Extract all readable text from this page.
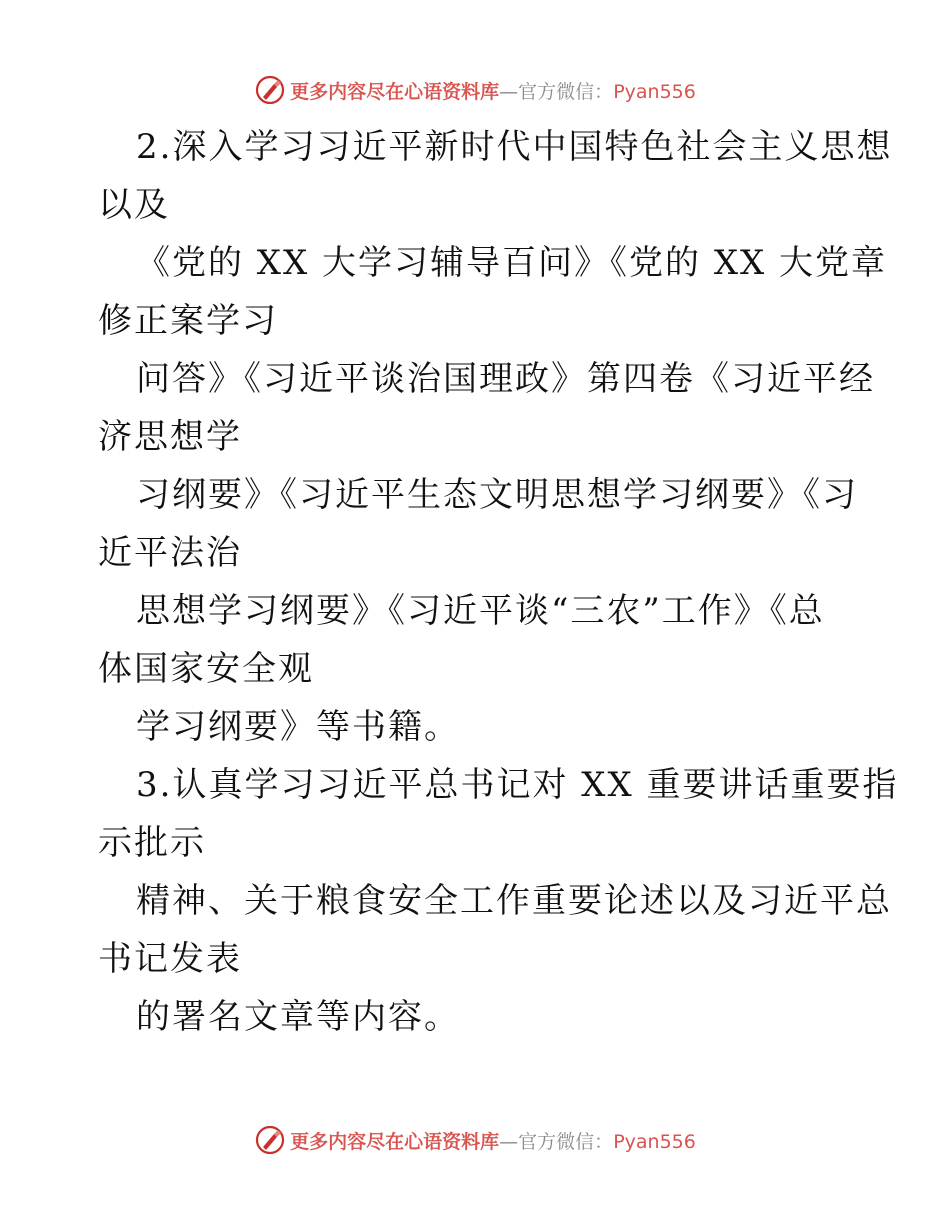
更多内容尽在心语资料库—官方微信：Pyan556
2.深入学习习近平新时代中国特色社会主义思想
以及
《党的 XX 大学习辅导百问》《党的 XX 大党章
修正案学习
问答》《习近平谈治国理政》第四卷《习近平经
济思想学
习纲要》《习近平生态文明思想学习纲要》《习
近平法治
思想学习纲要》《习近平谈“三农”工作》《总
体国家安全观
学习纲要》等书籍。
3.认真学习习近平总书记对 XX 重要讲话重要指
示批示
精神、关于粮食安全工作重要论述以及习近平总
书记发表
的署名文章等内容。
更多内容尽在心语资料库—官方微信：Pyan556
